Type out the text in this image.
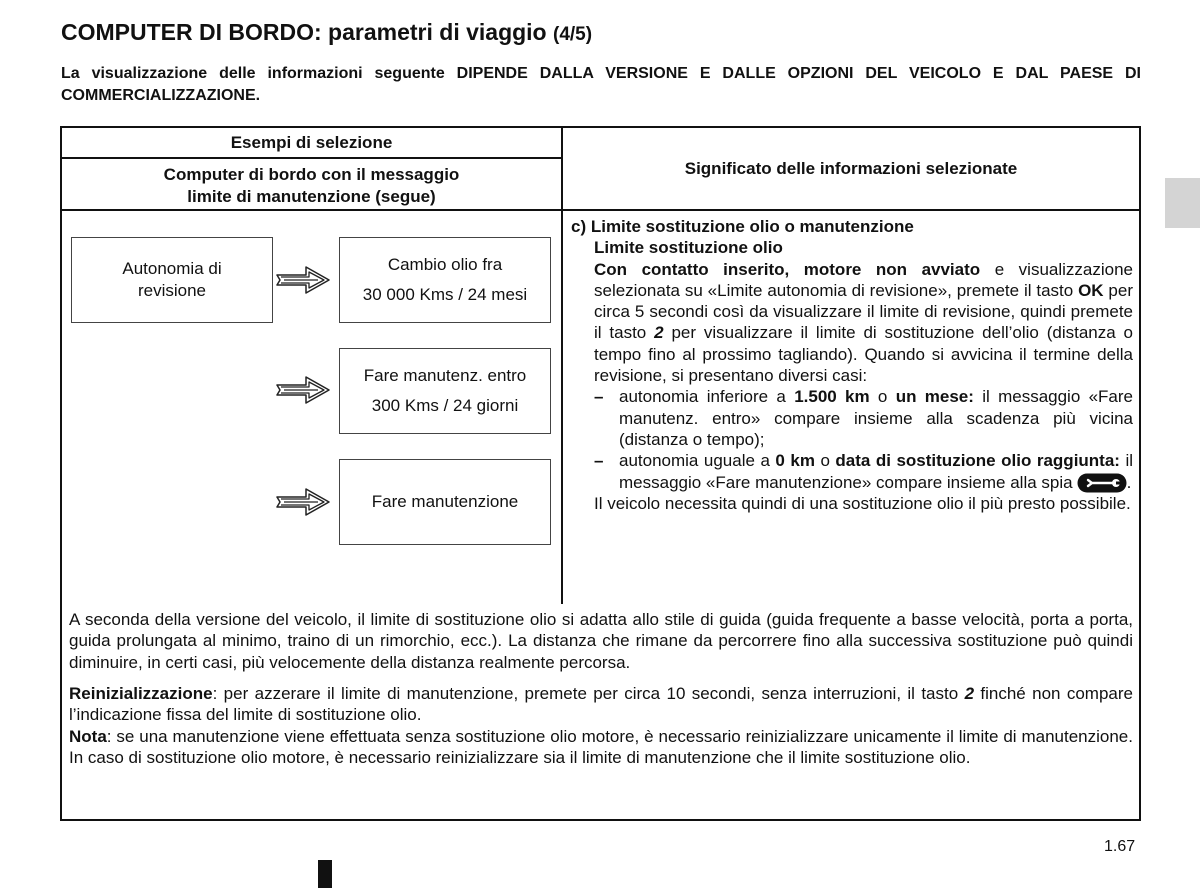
COMPUTER DI BORDO: parametri di viaggio (4/5)
La visualizzazione delle informazioni seguente DIPENDE DALLA VERSIONE E DALLE OPZIONI DEL VEICOLO E DAL PAESE DI COMMERCIALIZZAZIONE.
Esempi di selezione
Computer di bordo con il messaggio
limite di manutenzione (segue)
Significato delle informazioni selezionate
Autonomia di
revisione
Cambio olio fra
30 000 Kms / 24 mesi
Fare manutenz. entro
300 Kms / 24 giorni
Fare manutenzione

c) Limite sostituzione olio o manutenzione

Limite sostituzione olio

Con contatto inserito, motore non avviato e visualizzazione selezionata su «Limite autonomia di revisione», premete il tasto OK per circa 5 secondi così da visualizzare il limite di revisione, quindi premete il tasto 2 per visualizzare il limite di sostituzione dell’olio (distanza o tempo fino al prossimo tagliando). Quando si avvicina il termine della revisione, si presentano diversi casi:

– autonomia inferiore a 1.500 km o un mese: il messaggio «Fare manutenz. entro» compare insieme alla scadenza più vicina (distanza o tempo);
– autonomia uguale a 0 km o data di sostituzione olio raggiunta: il messaggio «Fare manutenzione» compare insieme alla spia	.

Il veicolo necessita quindi di una sostituzione olio il più presto possibile.

A seconda della versione del veicolo, il limite di sostituzione olio si adatta allo stile di guida (guida frequente a basse velocità, porta a porta, guida prolungata al minimo, traino di un rimorchio, ecc.). La distanza che rimane da percorrere fino alla successiva sostituzione può quindi diminuire, in certi casi, più velocemente della distanza realmente percorsa.

Reinizializzazione: per azzerare il limite di manutenzione, premete per circa 10 secondi, senza interruzioni, il tasto 2 finché non compare l’indicazione fissa del limite di sostituzione olio.

Nota: se una manutenzione viene effettuata senza sostituzione olio motore, è necessario reinizializzare unicamente il limite di manutenzione. In caso di sostituzione olio motore, è necessario reinizializzare sia il limite di manutenzione che il limite sostituzione olio.

1.67
